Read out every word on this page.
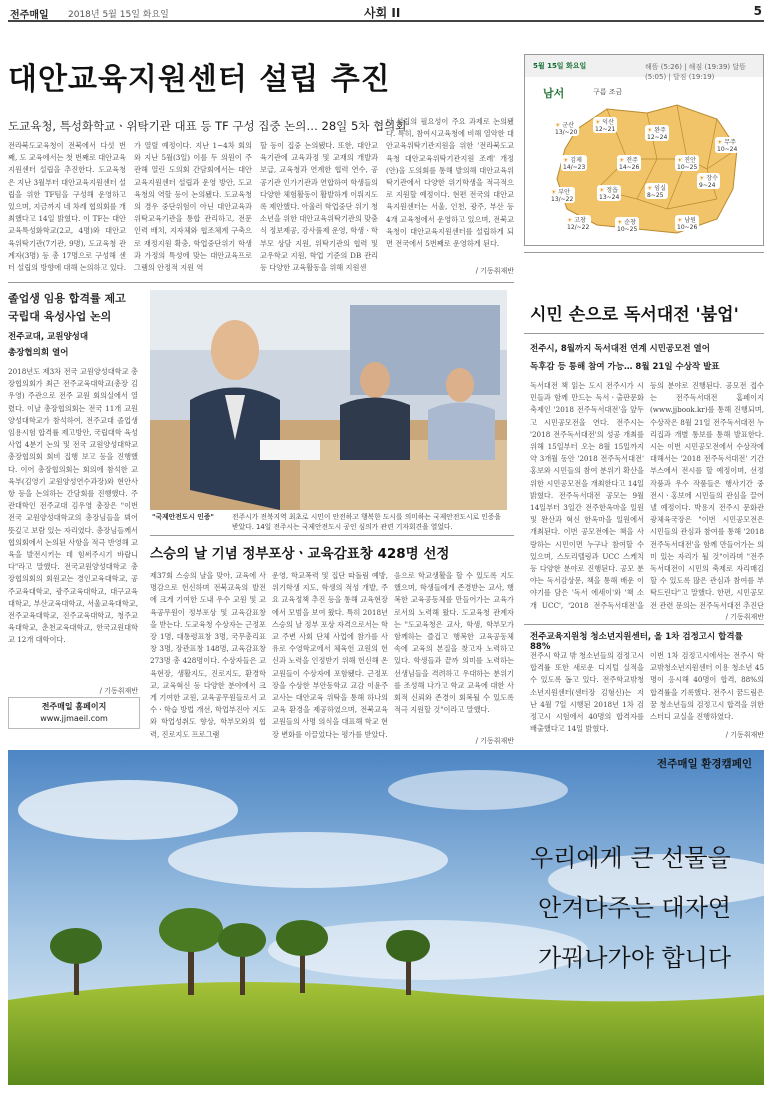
전주매일 2018년 5월 15일 화요일	사회 II	5
대안교육지원센터 설립 추진
도교육청, 특성화학교ㆍ위탁기관 대표 등 TF 구성 집중 논의… 28일 5차 협의회
전라북도교육청이 전북에서 다섯 번째, 도 교육에서는 첫 번째로 대안교육지원센터 설립을 추진한다. 도교육청은 지난 3월부터 대안교육지원센터 설립을 위한 TF팀을 구성해 운영하고 있으며, 지금까지 네 차례 협의회를 개최했다고 14일 밝혔다. 이 TF는 대안교육특성화학교(2교, 4명)와 대안교육위탁기관(7기관, 9명), 도교육청 관계자(3명) 등 총 17명으로 구성해 센터 설립의 방향에 대해 논의하고 있다.
가 열릴 예정이다. 지난 1~4차 회의와 지난 5월(3일) 이를 두 의원이 주관해 열린 도의회 간담회에서는 대안교육지원센터 설립과 운영 방안, 도교육청의 역할 등이 논의됐다. 도교육청의 경우 중단위험이 아닌 대안교육과 위탁교육기관을 통합 관리하고, 전문 인력 배치, 지자체와 협조체계 구축으로 재정지원 확충, 학업중단위기 학생과 가정의 특성에 맞는 대안교육프로그램의 안정적 지원 역
할 등이 집중 논의됐다. 또한, 대안교육기관에 교육과정 및 교재의 개발과 보급, 교육청과 연계한 협력 연수, 공공기관 인가기관과 연합하여 학생들의 다양한 체험활동이 활발하게 이뤄지도록 제안했다. 아울러 학업중단 위기 청소년을 위한 대안교육위탁기관의 맞춤식 정보제공, 강사풀제 운영, 학생ㆍ학부모 상담 지원, 위탁기관의 협력 및 교우학교 지원, 학업 기준의 DB 관리 등 다양한 교육활동을 위해 지원센
터 설립의 필요성이 주요 과제로 논의됐다. 특히, 참여시교육청에 비해 열악한 대안교육위탁기관지원을 위한 '전라북도교육청 대안교육위탁기관지원 조례' 개정(안)을 도의회를 통해 발의해 대안교육위탁기관에서 다양한 위기학생을 적극적으로 지원할 예정이다. 현편 전국의 대안교육지원센터는 서울, 인천, 광주, 부산 등 4개 교육청에서 운영하고 있으며, 전북교육청이 대안교육지원센터를 설립하게 되면 전국에서 5번째로 운영하게 된다.
/ 기동취재반
5월 15일 화요일	해뜸 (5:26) | 해짐 (19:39) 달뜸 (5:05) | 달짐 (19:19)
남서	구름 조금
☀ 군산
13/~20
☀ 익산
12~21	☀ 완주
12~24
☀ 김제
14/~23
☀ 전주
14~26
☀ 진안
10~25
☀ 무주
10~24
☀ 부안
13/~22
☀ 정읍
13~24
☀ 임실
8~25
☀ 장수
9~24
☀ 고창
12/~22
☀ 순창
10~25
☀ 남원
10~26
졸업생 임용 합격률 제고
국립대 육성사업 논의
전주교대, 교원양성대
총장협의회 열어
2018년도 제3차 전국 교원양성대학교 총장협의회가 최근 전주교육대학교(총장 김우영) 주관으로 전주 교원 회의실에서 열렸다. 이날 총장협의회는 전국 11개 교원양성대학교가 참석하여, 전주교대 졸업생 임용시험 합격률 제고방안, 국립대학 육성사업 4분기 논의 및 전국 교원양성대학교 총장협의회 회비 집행 보고 등을 진행했다. 이어 총장협의회는 회의에 참석한 교육부(김영기 교원양성연수과장)와 현안사항 등을 논의하는 간담회를 진행했다. 주관대학인 전주교대 김우영 총장은 "이번 전국 교원양성대학교의 총장님들을 뵈어 뜻깊고 보람 있는 자리였다. 총장님들께서 협의회에서 논의된 사항을 적극 반영해 교육을 발전시키는 데 힘써주시기 바랍니다"라고 말했다. 전국교원양성대학교 총장협의회의 회원교는 경인교육대학교, 공주교육대학교, 광주교육대학교, 대구교육대학교, 부산교육대학교, 서울교육대학교, 전주교육대학교, 진주교육대학교, 청주교육대학교, 춘천교육대학교, 한국교원대학교 12개 대학이다.
/ 기동취재반
"국제안전도시 인증"	전주시가 전북지역 최초로 시민이 안전하고 행복한 도시를 의미하는 국제안전도시로 인증을 받았다. 14일 전주시는 국제안전도시 공인 심의가 관련 기자회견을 열었다.
스승의 날 기념 정부포상ㆍ교육감표창 428명 선정
제37회 스승의 날을 맞아, 교육에 사명감으로 헌신하며 전북교육의 발전에 크게 기여한 도내 우수 교원 및 교육공무원이 정부포상 및 교육감표창을 받는다. 도교육청 수상자는 근정포장 1명, 대통령표창 3명, 국무총리표창 3명, 장관표창 148명, 교육감표창 273명 총 428명이다. 수상자들은 교육현장, 생활지도, 진로지도, 환경학교, 교육혁신 등 다양한 분야에서 크게 기여한 교원, 교육공무원들로서 교수ㆍ학습 방법 개선, 학업부진아 지도와 학업성취도 향상, 학부모와의 협력, 진로지도 프로그램
운영, 학교폭력 및 집단 따돌림 예방, 위기학생 지도, 학생의 적성 개발, 주요 교육정책 추진 등을 통해 교육현장에서 모범을 보여 왔다. 특히 2018년 스승의 날 정부 포상 자격으로서는 학교 주변 사회 단체 사업에 참가를 사유로 수영학교에서 체육헌 교원의 헌신과 노력을 인정받기 위해 헌신해 온 교원들이 수상자에 포함됐다. 근정포장을 수상한 부안동학교 교감 이윤주 교사는 대안교육 위탁을 통해 하나의 교육 환경을 제공하였으며, 전북교육 교원들의 사명 의식을 대표해 학교 현장 변화를 이끌었다는 평가를 받았다.
음으로 학교생활을 할 수 있도록 지도했으며, 학생들에게 존경받는 교사, 행복한 교육공동체를 만들어가는 교육가로서의 노력해 왔다. 도교육청 관계자는 "도교육청은 교사, 학생, 학부모가 함께하는 즐겁고 행복한 교육공동체 속에 교육의 본질을 찾고자 노력하고 있다. 학생들과 끝까 의미를 노력하는 선생님들을 격려하고 우대하는 분위기를 조성해 나가고 학교 교육에 대한 사회적 신뢰와 존경이 회복될 수 있도록 적극 지원할 것"이라고 말했다.
/ 기동취재반
시민 손으로 독서대전 '붐업'
전주시, 8월까지 독서대전 연계 시민공모전 열어
독후감 등 통해 참여 가능… 8월 21일 수상작 발표
독서대전 책 읽는 도시 전주시가 시민들과 함께 만드는 독서ㆍ출판문화 축제인 '2018 전주독서대전'을 앞두고 시민공모전을 연다. 전주시는 '2018 전주독서대전'의 성공 개최를 위해 15일부터 오는 8월 15일까지 약 3개월 동안 '2018 전주독서대전' 홍보와 시민들의 참여 분위기 확산을 위한 시민공모전을 개최한다고 14일 밝혔다. 전주독서대전 공모는 9월 14일부터 3일간 전주한옥마을 일원 및 완산과 혁신 한옥마을 일원에서 개최된다. 이번 공모전에는 책을 사랑하는 시민이면 누구나 참여할 수 있으며, 스토리텔링과 UCC 스케치 등 다양한 분야로 진행된다. 공모 분야는 독서감상문, 책을 통해 배운 이야기를 담은 '독서 에세이'와 '책 소개 UCC', '2018 전주독서대전'을
등의 분야로 진행된다. 공모전 접수는 전주독서대전 홈페이지(www.jjbook.kr)를 통해 진행되며, 수상작은 8월 21일 전주독서대전 누리집과 개별 통보를 통해 발표한다. 시는 이번 시민공모전에서 수상작에 대해서는 '2018 전주독서대전' 기간 부스에서 전시를 할 예정이며, 선정 작품과 우수 작품들은 행사기간 중 전시ㆍ홍보에 시민들의 관심을 끌어낼 예정이다. 박용지 전주시 문화관광체육국장은 "이번 시민공모전은 시민들의 관심과 참여를 통해 '2018 전주독서대전'을 함께 만들어가는 의미 있는 자리가 될 것"이라며 "전주독서대전이 시민의 축제로 자리매김할 수 있도록 많은 관심과 참여를 부탁드린다"고 말했다. 한편, 시민공모전 관련 문의는 전주독서대전 추진단
/ 기동취재반
전주교육지원청 청소년지원센터, 올 1차 검정고시 합격률 88%
전주시 학교 밖 청소년들의 검정고시 합격률 또한 새로운 디지털 실적을 수 있도록 돕고 있다. 전주학교밖청소년지원센터(센터장 김형신)는 지난 4월 7일 시행된 2018년 1차 검정고시 시험에서 40명의 합격자를 배출했다고 14일 밝혔다.
이번 1차 검정고시에서는 전주시 학교밖청소년지원센터 이용 청소년 45명이 응시해 40명이 합격, 88%의 합격률을 기록했다. 전주시 꿈드림은 꿈 청소년들의 검정고시 합격을 위한 스터디 교실을 진행하였다.
/ 기동취재반
전주매일 홈페이지
www.jjmaeil.com
전주매일 환경캠페인
우리에게 큰 선물을
안겨다주는 대자연
가꿔나가야 합니다
